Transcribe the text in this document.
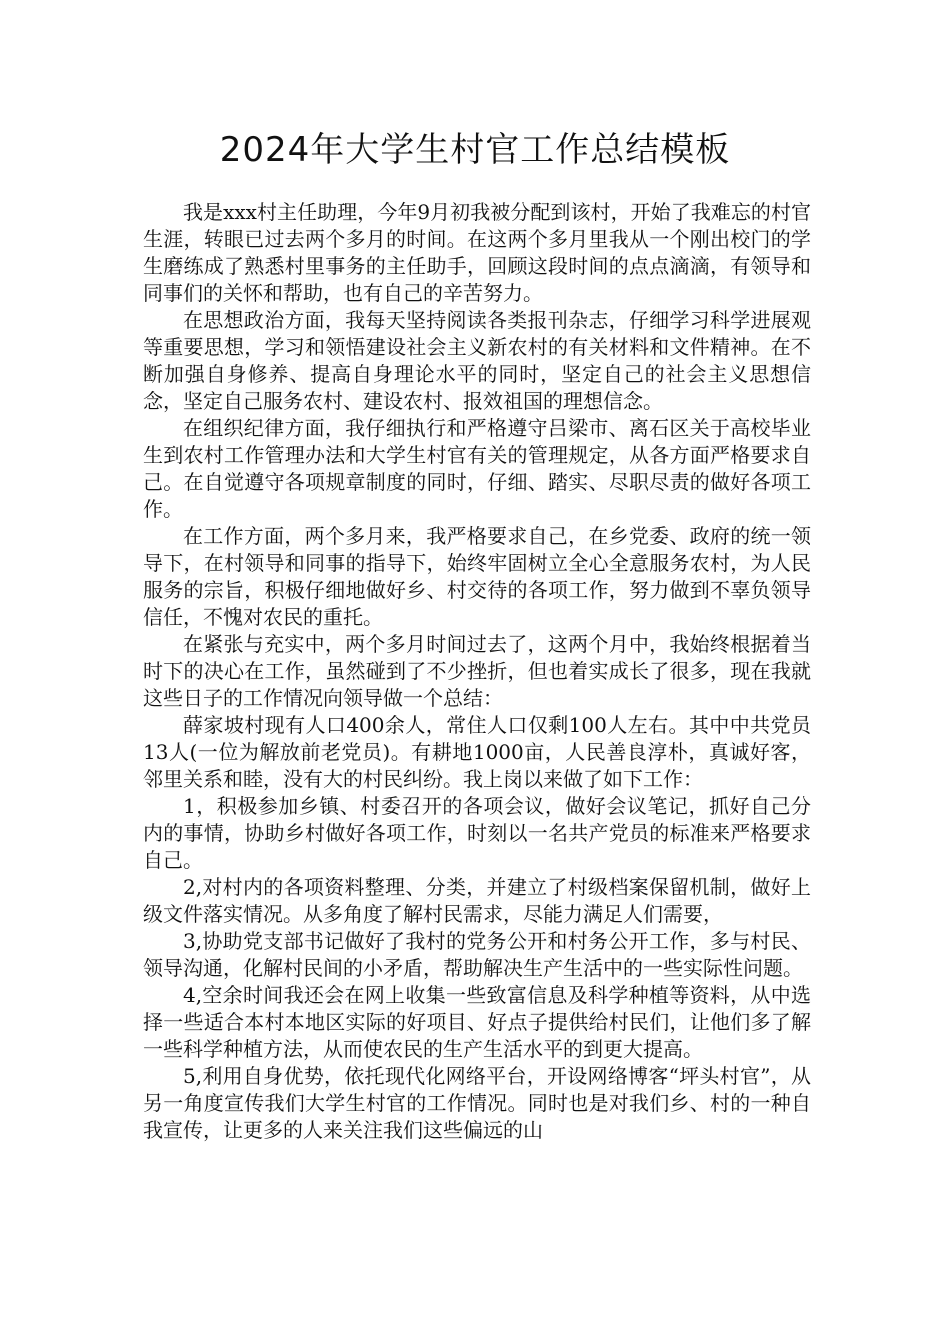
2024年大学生村官工作总结模板

我是xxx村主任助理，今年9月初我被分配到该村，开始了我难忘的村官生涯，转眼已过去两个多月的时间。在这两个多月里我从一个刚出校门的学生磨练成了熟悉村里事务的主任助手，回顾这段时间的点点滴滴，有领导和同事们的关怀和帮助，也有自己的辛苦努力。

在思想政治方面，我每天坚持阅读各类报刊杂志，仔细学习科学进展观等重要思想，学习和领悟建设社会主义新农村的有关材料和文件精神。在不断加强自身修养、提高自身理论水平的同时，坚定自己的社会主义思想信念，坚定自己服务农村、建设农村、报效祖国的理想信念。

在组织纪律方面，我仔细执行和严格遵守吕梁市、离石区关于高校毕业生到农村工作管理办法和大学生村官有关的管理规定，从各方面严格要求自己。在自觉遵守各项规章制度的同时，仔细、踏实、尽职尽责的做好各项工作。

在工作方面，两个多月来，我严格要求自己，在乡党委、政府的统一领导下，在村领导和同事的指导下，始终牢固树立全心全意服务农村，为人民服务的宗旨，积极仔细地做好乡、村交待的各项工作，努力做到不辜负领导信任，不愧对农民的重托。

在紧张与充实中，两个多月时间过去了，这两个月中，我始终根据着当时下的决心在工作，虽然碰到了不少挫折，但也着实成长了很多，现在我就这些日子的工作情况向领导做一个总结：

薛家坡村现有人口400余人，常住人口仅剩100人左右。其中中共党员13人(一位为解放前老党员)。有耕地1000亩，人民善良淳朴，真诚好客，邻里关系和睦，没有大的村民纠纷。我上岗以来做了如下工作：

1，积极参加乡镇、村委召开的各项会议，做好会议笔记，抓好自己分内的事情，协助乡村做好各项工作，时刻以一名共产党员的标准来严格要求自己。

2,对村内的各项资料整理、分类，并建立了村级档案保留机制，做好上级文件落实情况。从多角度了解村民需求，尽能力满足人们需要，

3,协助党支部书记做好了我村的党务公开和村务公开工作，多与村民、领导沟通，化解村民间的小矛盾，帮助解决生产生活中的一些实际性问题。

4,空余时间我还会在网上收集一些致富信息及科学种植等资料，从中选择一些适合本村本地区实际的好项目、好点子提供给村民们，让他们多了解一些科学种植方法，从而使农民的生产生活水平的到更大提高。

5,利用自身优势，依托现代化网络平台，开设网络博客“坪头村官”，从另一角度宣传我们大学生村官的工作情况。同时也是对我们乡、村的一种自我宣传，让更多的人来关注我们这些偏远的山
